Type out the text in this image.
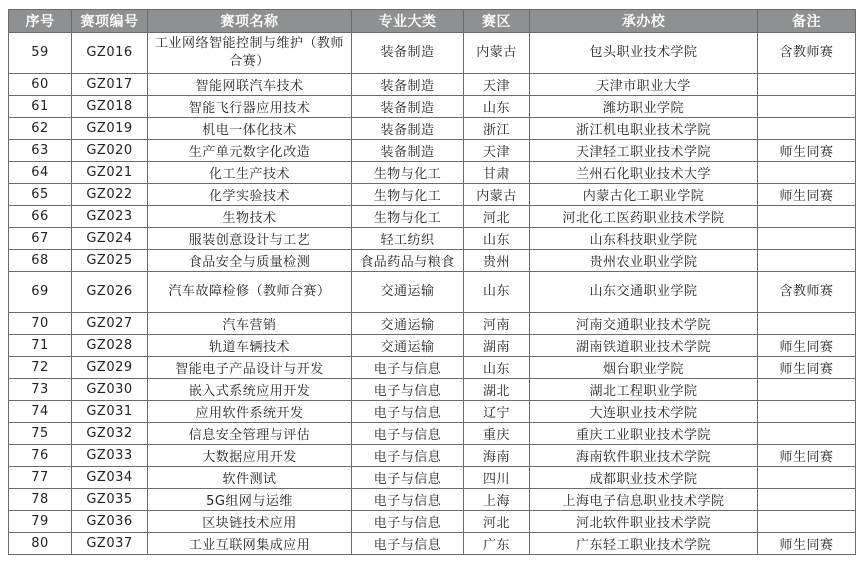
序号	赛项编号	赛项名称	专业大类	赛区	承办校	备注
59	GZ016	工业网络智能控制与维护（教师合赛）	装备制造	内蒙古	包头职业技术学院	含教师赛
60	GZ017	智能网联汽车技术	装备制造	天津	天津市职业大学	
61	GZ018	智能飞行器应用技术	装备制造	山东	潍坊职业学院	
62	GZ019	机电一体化技术	装备制造	浙江	浙江机电职业技术学院	
63	GZ020	生产单元数字化改造	装备制造	天津	天津轻工职业技术学院	师生同赛
64	GZ021	化工生产技术	生物与化工	甘肃	兰州石化职业技术大学	
65	GZ022	化学实验技术	生物与化工	内蒙古	内蒙古化工职业学院	师生同赛
66	GZ023	生物技术	生物与化工	河北	河北化工医药职业技术学院	
67	GZ024	服装创意设计与工艺	轻工纺织	山东	山东科技职业学院	
68	GZ025	食品安全与质量检测	食品药品与粮食	贵州	贵州农业职业学院	
69	GZ026	汽车故障检修（教师合赛）	交通运输	山东	山东交通职业学院	含教师赛
70	GZ027	汽车营销	交通运输	河南	河南交通职业技术学院	
71	GZ028	轨道车辆技术	交通运输	湖南	湖南铁道职业技术学院	师生同赛
72	GZ029	智能电子产品设计与开发	电子与信息	山东	烟台职业学院	师生同赛
73	GZ030	嵌入式系统应用开发	电子与信息	湖北	湖北工程职业学院	
74	GZ031	应用软件系统开发	电子与信息	辽宁	大连职业技术学院	
75	GZ032	信息安全管理与评估	电子与信息	重庆	重庆工业职业技术学院	
76	GZ033	大数据应用开发	电子与信息	海南	海南软件职业技术学院	师生同赛
77	GZ034	软件测试	电子与信息	四川	成都职业技术学院	
78	GZ035	5G组网与运维	电子与信息	上海	上海电子信息职业技术学院	
79	GZ036	区块链技术应用	电子与信息	河北	河北软件职业技术学院	
80	GZ037	工业互联网集成应用	电子与信息	广东	广东轻工职业技术学院	师生同赛
